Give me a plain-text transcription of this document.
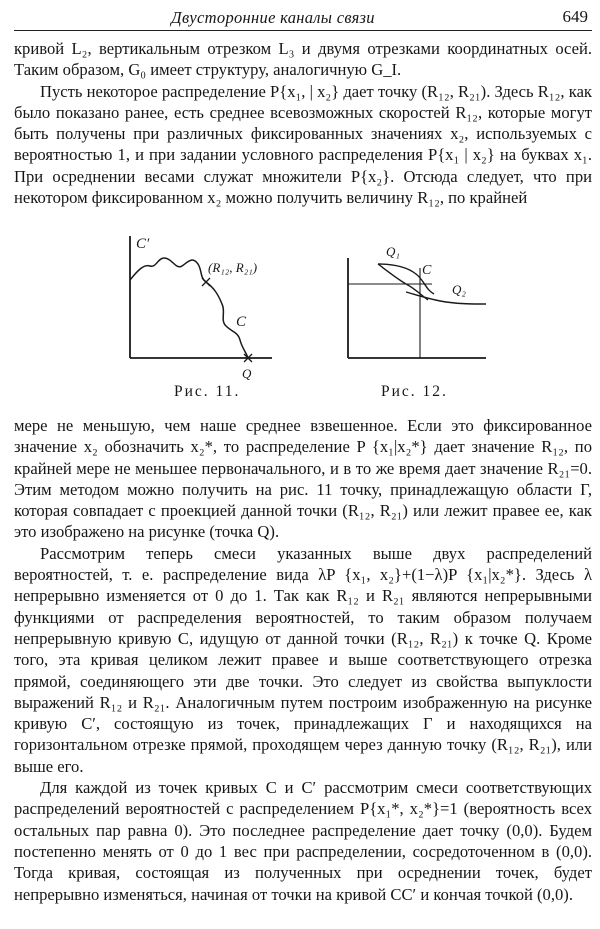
Двусторонние каналы связи	649

кривой L₂, вертикальным отрезком L₃ и двумя отрезками координатных осей. Таким образом, G₀ имеет структуру, аналогичную G_I.

Пусть некоторое распределение P{x₁, | x₂} дает точку (R₁₂, R₂₁). Здесь R₁₂, как было показано ранее, есть среднее всевозможных скоростей R₁₂, которые могут быть получены при различных фиксированных значениях x₂, используемых с вероятностью 1, и при задании условного распределения P{x₁ | x₂} на буквах x₁. При осреднении весами служат множители P{x₂}. Отсюда следует, что при некотором фиксированном x₂ можно получить величину R₁₂, по крайней

C′
(R₁₂, R₂₁)
C
Q
Q₁
C
Q₂
Рис. 11.	Рис. 12.

мере не меньшую, чем наше среднее взвешенное. Если это фиксированное значение x₂ обозначить x₂*, то распределение P {x₁|x₂*} дает значение R₁₂, по крайней мере не меньшее первоначального, и в то же время дает значение R₂₁=0. Этим методом можно получить на рис. 11 точку, принадлежащую области Г, которая совпадает с проекцией данной точки (R₁₂, R₂₁) или лежит правее ее, как это изображено на рисунке (точка Q).

Рассмотрим теперь смеси указанных выше двух распределений вероятностей, т. е. распределение вида λP {x₁, x₂}+(1−λ)P {x₁|x₂*}. Здесь λ непрерывно изменяется от 0 до 1. Так как R₁₂ и R₂₁ являются непрерывными функциями от распределения вероятностей, то таким образом получаем непрерывную кривую C, идущую от данной точки (R₁₂, R₂₁) к точке Q. Кроме того, эта кривая целиком лежит правее и выше соответствующего отрезка прямой, соединяющего эти две точки. Это следует из свойства выпуклости выражений R₁₂ и R₂₁. Аналогичным путем построим изображенную на рисунке кривую C′, состоящую из точек, принадлежащих Г и находящихся на горизонтальном отрезке прямой, проходящем через данную точку (R₁₂, R₂₁), или выше его.

Для каждой из точек кривых C и C′ рассмотрим смеси соответствующих распределений вероятностей с распределением P{x₁*, x₂*}=1 (вероятность всех остальных пар равна 0). Это последнее распределение дает точку (0,0). Будем постепенно менять от 0 до 1 вес при распределении, сосредоточенном в (0,0). Тогда кривая, состоящая из полученных при осреднении точек, будет непрерывно изменяться, начиная от точки на кривой CC′ и кончая точкой (0,0).
